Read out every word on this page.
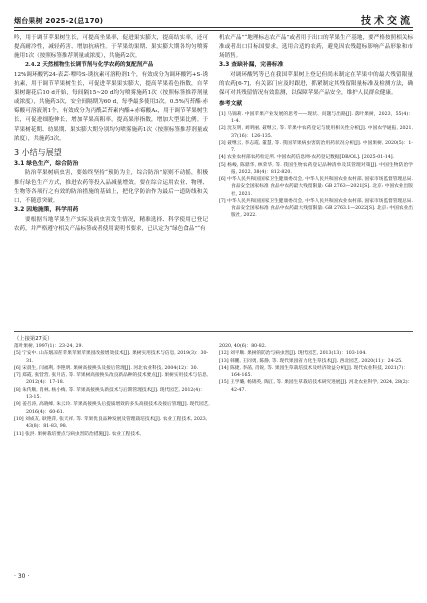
烟台果树 2025-2(总170)	技术交流

吟，用于调节苹果树生长，可提高坐果率，促进果实膨大，提高结实率，还可提高耐冷性，减轻药害、增加抗病性。于苹果幼果期、果实膨大期各均匀喷雾施用1次（按照标签推荐剂量或浓度），共施药2次。

2.4.2 天然植物生长调节剂与化学农药的复配剂产品

12%调环酸钙24-表芸·嘌呤S-诱抗素可溶粉剂1个，有效成分为调环酸钙+S-诱抗素，用于调节苹果树生长，可促进苹果果实膨大，提高苹果着色指数，自苹果树谢花后10 d开始，每间隔15~20 d均匀喷雾施药1次（按照标签推荐剂量或浓度），共施药3次，安全间隔期为60 d，每季最多使用3次。0.5%丙苔酯·赤霉酸可溶液剂1个，有效成分为丙酰芸苔素内酯+赤霉酸A₃，用于调节苹果树生长，可促进细胞伸长，增加苹果高粗率，提高果形指数，增加大型果比例。于苹果树花期、幼果期、果实膨大期分别均匀喷雾施药1次（按照标签推荐剂量或浓度），共施药3次。

3 小结与展望
3.1 绿色生产，综合防治

防治苹果树病虫害，要始终坚持“预防为主，综合防治”原则不动摇，积极推行绿色生产方式，推进农药等投入品减量增效。要在综合运用农业、物理、生物等各项行之有效的防治措施的基础上，把化学防治作为最后一道防线和关口，不随意突破。

3.2 因地施策，科学用药

要根据当地苹果生产实际及病虫害发生情况，精准选择、科学使用已登记农药，并严格遵守相关产品标签或者使用说明书要求，已认定为“绿色食品”“有

机农产品”“地理标志农产品”或者用于出口的苹果生产基地，要严格按照相关标准或者出口目标国要求，选用合适的农药，避免因农残超标影响产品形象和市场销售。

3.3 查缺补漏，完善标准

对调环酸钙等已在我国苹果树上登记但尚未制定在苹果中的最大残留限量的农药[6-7]，有关部门应及时跟进，抓紧制定其残留限量标准及检测方法，确保可对其残留情况有效监测，以保障苹果产品安全，维护人民群众健康。

参考文献
[1] 马锦莉. 中国苹果产业发展的思考——现状、问题与出路[J]. 落叶果树，2023，55(4)：1-4.
[2] 沈友明, 刘明丽, 聂继云, 等. 苹果中农药登记与使用相关性分析[J]. 中国农学通报, 2021, 37(16)：126-135.
[3] 聂继云, 李志霞, 董慧, 等. 我国苹果病虫害防治用药状况分析[J]. 中国果树, 2020(5)：1-7.
[4] 农业农村部农药检定所. 中国农药信息网-农药登记数据[DB/OL]. [2025-01-14].
[5] 杨峻, 陈鼎华, 林荣华, 等. 我国生物农药登记品种清单及其管理对策[J]. 中国生物防治学报, 2022, 38(4)：812-820.
[6] 中华人民共和国国家卫生健康委员会, 中华人民共和国农业农村部, 国家市场监督管理总局. 食品安全国家标准 食品中农药最大残留限量: GB 2763—2021[S]. 北京: 中国农业出版社, 2021.
[7] 中华人民共和国国家卫生健康委员会, 中华人民共和国农业农村部, 国家市场监督管理总局. 食品安全国家标准 食品中农药最大残留限量: GB 2763.1—2022[S]. 北京: 中国农业出版社, 2022.
（上接第27页）

落叶果树, 1997(1)：23-24, 29.

[5] 宁安中. 山东烟凉茬苹果苹果苹果园改接增效技术[J]. 果树实用技术与信息, 2019(3)：30-31.

[6] 宋晨生, 闫福利, 李艳明. 果树高接换头及接后管理[J]. 河北农业科技, 2004(12)：30.

[7] 郑霞, 张营营, 张月洁, 等. 苹果树高接换头改良新品种的技术要点[J]. 果树实用技术与信息, 2012(4)：17-18.

[8] 朱传顺, 肖林, 杨小梅, 等. 苹果高接换头新技术与后期管理技术[J]. 现代园艺, 2012(4)：13-15.

[9] 姜召涛, 高晓峰, 朱云玲. 苹果高接换头后提质增效的多头高接技术及接后管理[J]. 现代园艺, 2016(4)：60-61.

[10] 刘成友, 耿艳萍, 张天祥, 等. 苹果优良品种发展及管理栽培技术[J]. 农业工程技术, 2023, 43(8)：81-83, 98.

[11] 张洪. 果树栽培要点与病虫害防治措施[J]. 农业工程技术,

2020, 40(6)：80-82.

[12] 刘平顺. 果树的防治与病虫害[J]. 现代园艺, 2013(13)：103-104.

[13] 韩鹏, 王同勇, 陈静, 等. 现代果园省力化生草技术[J]. 西北园艺, 2020(11)：24-25.

[14] 陈捷, 李菡, 肖锐, 等. 果园生草栽培技术及经济效益分析[J]. 现代农业科技, 2021(7)：164-165.

[15] 王学璐, 杨锦英, 陶江, 等. 果园生草栽培技术研究进展[J]. 河北农业科学, 2024, 28(2)：42-47.

· 30 ·
